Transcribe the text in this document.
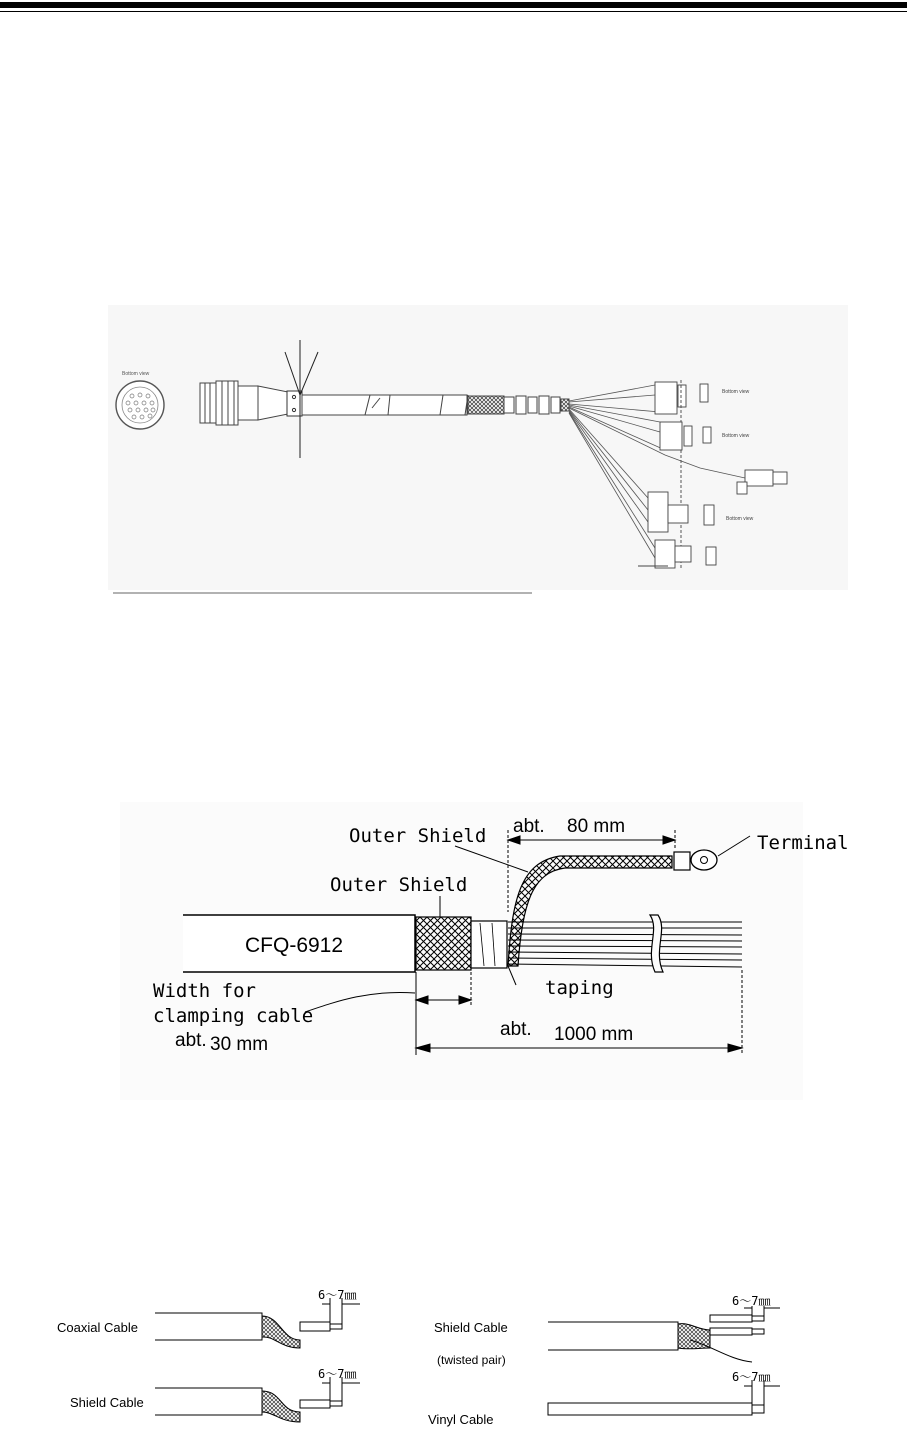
Bottom view
Bottom view
Bottom view
Bottom view
Outer Shield abt. 80 mm
Terminal
Outer Shield
CFQ-6912
Width for
clamping cable
abt. 30 mm
taping
abt. 1000 mm
Coaxial Cable
Shield Cable
Shield Cable
(twisted pair)
Vinyl Cable
6～7㎜
6～7㎜
6～7㎜
6～7㎜
